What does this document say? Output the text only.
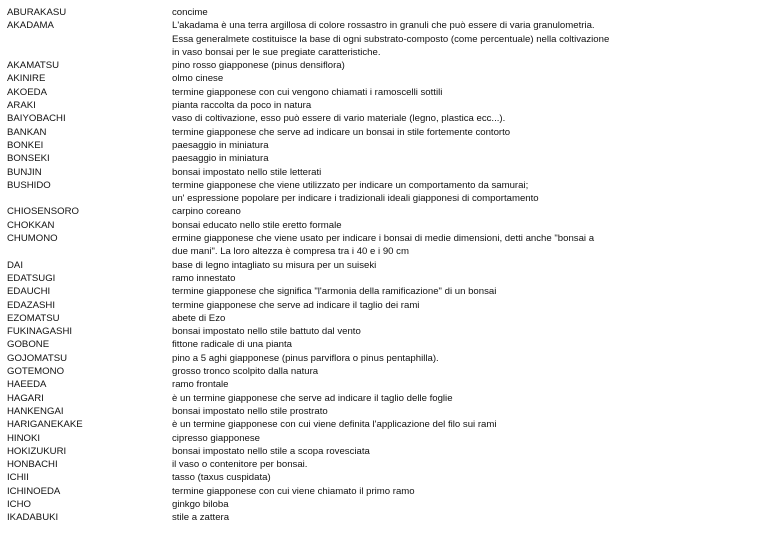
ABURAKASU	concime
AKADAMA	L'akadama è una terra argillosa di colore rossastro in granuli che può essere di varia granulometria.
Essa generalmete costituisce la base di ogni substrato-composto (come percentuale) nella coltivazione
in vaso bonsai per le sue pregiate caratteristiche.
AKAMATSU	pino rosso giapponese (pinus densiflora)
AKINIRE	olmo cinese
AKOEDA	termine giapponese con cui vengono chiamati i ramoscelli sottili
ARAKI	pianta raccolta da poco in natura
BAIYOBACHI	vaso di coltivazione, esso può essere di vario materiale (legno, plastica ecc...).
BANKAN	termine giapponese che serve ad indicare un bonsai in stile fortemente contorto
BONKEI	paesaggio in miniatura
BONSEKI	paesaggio in miniatura
BUNJIN	bonsai impostato nello stile letterati
BUSHIDO	termine giapponese che viene utilizzato per indicare un comportamento da samurai;
un' espressione popolare per indicare i tradizionali ideali giapponesi di comportamento
CHIOSENSORO	carpino coreano
CHOKKAN	bonsai educato nello stile eretto formale
CHUMONO	ermine giapponese che viene usato per indicare i bonsai di medie dimensioni, detti anche "bonsai a
due mani". La loro altezza è compresa tra i 40 e i 90 cm
DAI	base di legno intagliato su misura per un suiseki
EDATSUGI	ramo innestato
EDAUCHI	termine giapponese che significa "l'armonia della ramificazione" di un bonsai
EDAZASHI	termine giapponese che serve ad indicare il taglio dei rami
EZOMATSU	abete di Ezo
FUKINAGASHI	bonsai impostato nello stile battuto dal vento
GOBONE	fittone radicale di una pianta
GOJOMATSU	pino a 5 aghi giapponese (pinus parviflora o pinus pentaphilla).
GOTEMONO	grosso tronco scolpito dalla natura
HAEEDA	ramo frontale
HAGARI	è un termine giapponese che serve ad indicare il taglio delle foglie
HANKENGAI	bonsai impostato nello stile prostrato
HARIGANEKAKE	è un termine giapponese con cui viene definita l'applicazione del filo sui rami
HINOKI	cipresso giapponese
HOKIZUKURI	bonsai impostato nello stile a scopa rovesciata
HONBACHI	il vaso o contenitore per bonsai.
ICHII	tasso (taxus cuspidata)
ICHINOEDA	termine giapponese con cui viene chiamato il primo ramo
ICHO	ginkgo biloba
IKADABUKI	stile a zattera
